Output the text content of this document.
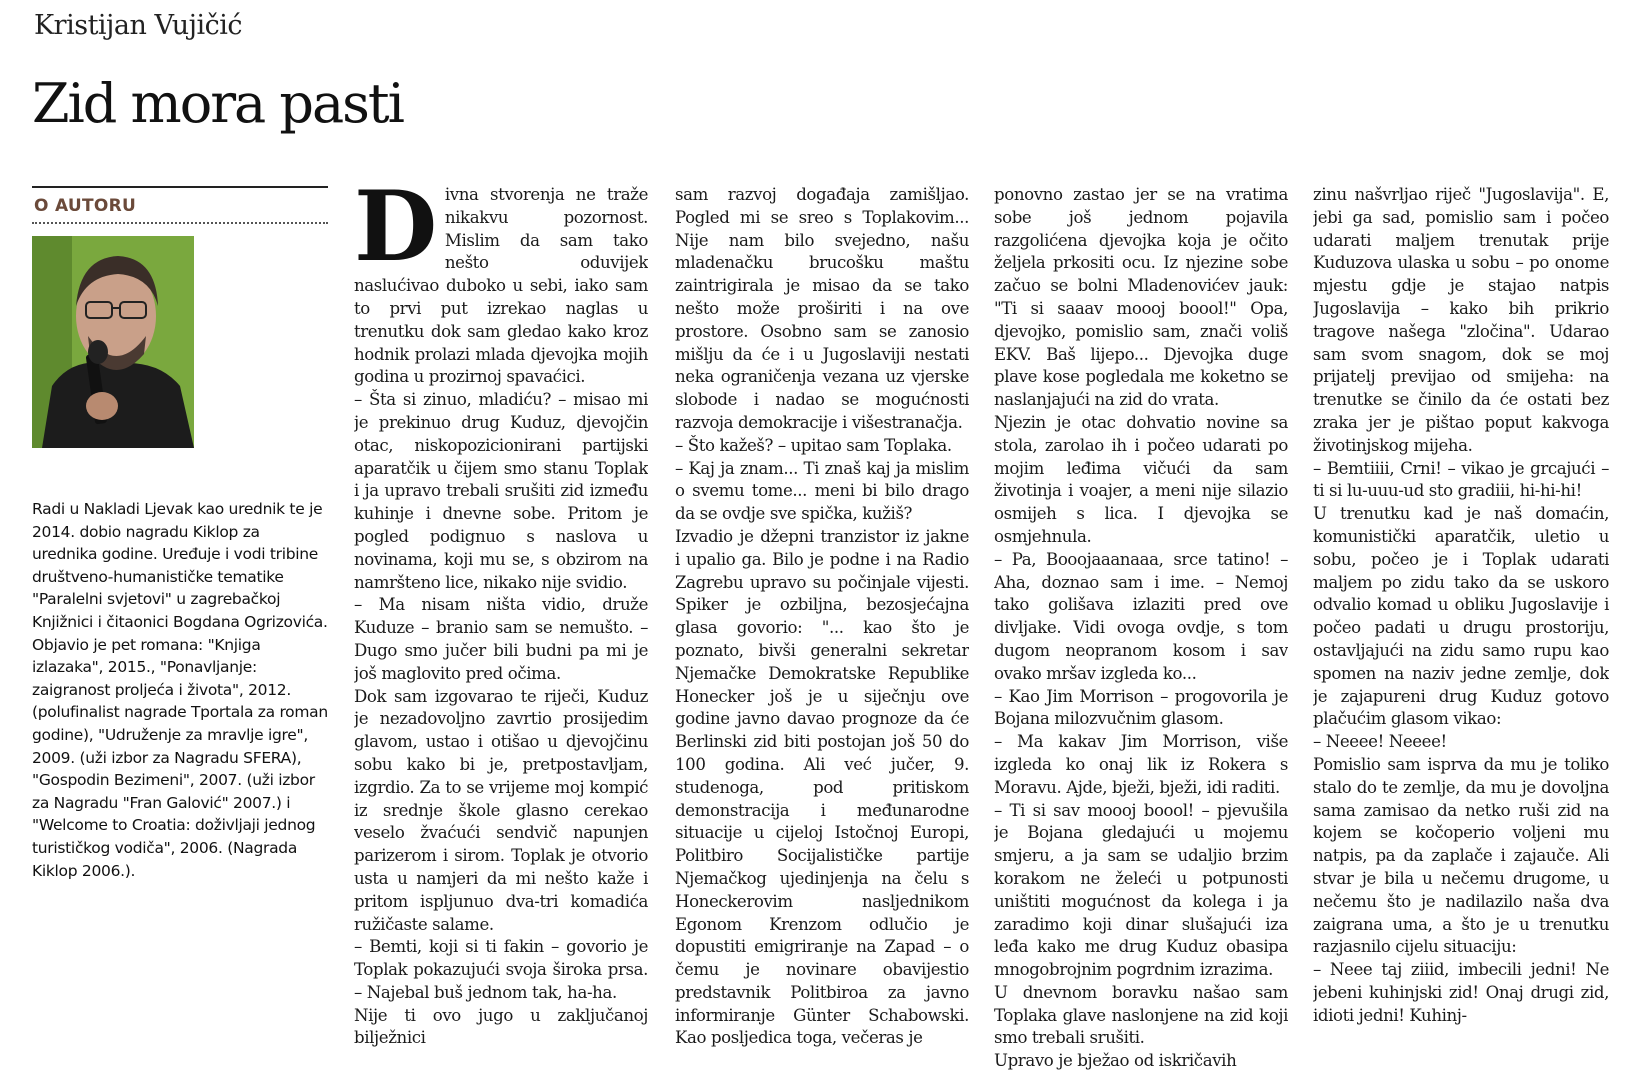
Kristijan Vujičić
Zid mora pasti
O AUTORU
Radi u Nakladi Ljevak kao urednik te je 2014. dobio nagradu Kiklop za urednika godine. Uređuje i vodi tribine društveno-humanističke tematike "Paralelni svjetovi" u zagrebačkoj Knjižnici i čitaonici Bogdana Ogrizovića. Objavio je pet romana: "Knjiga izlazaka", 2015., "Ponavljanje: zaigranost proljeća i života", 2012. (polufinalist nagrade Tportala za roman godine), "Udruženje za mravlje igre", 2009. (uži izbor za Nagradu SFERA), "Gospodin Bezimeni", 2007. (uži izbor za Nagradu "Fran Galović" 2007.) i "Welcome to Croatia: doživljaji jednog turističkog vodiča", 2006. (Nagrada Kiklop 2006.).
D ivna stvorenja ne traže nikakvu pozornost. Mislim da sam tako nešto oduvijek naslućivao duboko u sebi, iako sam to prvi put izrekao naglas u trenutku dok sam gledao kako kroz hodnik prolazi mlada djevojka mojih godina u prozirnoj spavaćici.

– Šta si zinuo, mladiću? – misao mi je prekinuo drug Kuduz, djevojčin otac, niskopozicionirani partijski aparatčik u čijem smo stanu Toplak i ja upravo trebali srušiti zid između kuhinje i dnevne sobe. Pritom je pogled podignuo s naslova u novinama, koji mu se, s obzirom na namršteno lice, nikako nije svidio.

– Ma nisam ništa vidio, druže Kuduze – branio sam se nemušto. – Dugo smo jučer bili budni pa mi je još maglovito pred očima.

Dok sam izgovarao te riječi, Kuduz je nezadovoljno zavrtio prosijedim glavom, ustao i otišao u djevojčinu sobu kako bi je, pretpostavljam, izgrdio. Za to se vrijeme moj kompić iz srednje škole glasno cerekao veselo žvaćući sendvič napunjen parizerom i sirom. Toplak je otvorio usta u namjeri da mi nešto kaže i pritom ispljunuo dva-tri komadića ružičaste salame.

– Bemti, koji si ti fakin – govorio je Toplak pokazujući svoja široka prsa. – Najebal buš jednom tak, ha-ha.

Nije ti ovo jugo u zaključanoj bilježnici

sam razvoj događaja zamišljao. Pogled mi se sreo s Toplakovim... Nije nam bilo svejedno, našu mladenačku brucošku maštu zaintrigirala je misao da se tako nešto može proširiti i na ove prostore. Osobno sam se zanosio mišlju da će i u Jugoslaviji nestati neka ograničenja vezana uz vjerske slobode i nadao se mogućnosti razvoja demokracije i višestranačja.

– Što kažeš? – upitao sam Toplaka.

– Kaj ja znam... Ti znaš kaj ja mislim o svemu tome... meni bi bilo drago da se ovdje sve spička, kužiš?

Izvadio je džepni tranzistor iz jakne i upalio ga. Bilo je podne i na Radio Zagrebu upravo su počinjale vijesti. Spiker je ozbiljna, bezosjećajna glasa govorio: "... kao što je poznato, bivši generalni sekretar Njemačke Demokratske Republike Honecker još je u siječnju ove godine javno davao prognoze da će Berlinski zid biti postojan još 50 do 100 godina. Ali već jučer, 9. studenoga, pod pritiskom demonstracija i međunarodne situacije u cijeloj Istočnoj Europi, Politbiro Socijalističke partije Njemačkog ujedinjenja na čelu s Honeckerovim nasljednikom Egonom Krenzom odlučio je dopustiti emigriranje na Zapad – o čemu je novinare obavijestio predstavnik Politbiroa za javno informiranje Günter Schabowski. Kao posljedica toga, večeras je

ponovno zastao jer se na vratima sobe još jednom pojavila razgolićena djevojka koja je očito željela prkositi ocu. Iz njezine sobe začuo se bolni Mladenovićev jauk: "Ti si saaav moooj boool!" Opa, djevojko, pomislio sam, znači voliš EKV. Baš lijepo... Djevojka duge plave kose pogledala me koketno se naslanjajući na zid do vrata.

Njezin je otac dohvatio novine sa stola, zarolao ih i počeo udarati po mojim leđima vičući da sam životinja i voajer, a meni nije silazio osmijeh s lica. I djevojka se osmjehnula.

– Pa, Booojaaanaaa, srce tatino! – Aha, doznao sam i ime. – Nemoj tako golišava izlaziti pred ove divljake. Vidi ovoga ovdje, s tom dugom neopranom kosom i sav ovako mršav izgleda ko...

– Kao Jim Morrison – progovorila je Bojana milozvučnim glasom.

– Ma kakav Jim Morrison, više izgleda ko onaj lik iz Rokera s Moravu. Ajde, bježi, bježi, idi raditi.

– Ti si sav moooj boool! – pjevušila je Bojana gledajući u mojemu smjeru, a ja sam se udaljio brzim korakom ne želeći u potpunosti uništiti mogućnost da kolega i ja zaradimo koji dinar slušajući iza leđa kako me drug Kuduz obasipa mnogobrojnim pogrdnim izrazima.

U dnevnom boravku našao sam Toplaka glave naslonjene na zid koji smo trebali srušiti.

Upravo je bježao od iskričavih

zinu našvrljao riječ "Jugoslavija". E, jebi ga sad, pomislio sam i počeo udarati maljem trenutak prije Kuduzova ulaska u sobu – po onome mjestu gdje je stajao natpis Jugoslavija – kako bih prikrio tragove našega "zločina". Udarao sam svom snagom, dok se moj prijatelj previjao od smijeha: na trenutke se činilo da će ostati bez zraka jer je pištao poput kakvoga životinjskog mijeha.

– Bemtiiii, Crni! – vikao je grcajući – ti si lu-uuu-ud sto gradiii, hi-hi-hi!

U trenutku kad je naš domaćin, komunistički aparatčik, uletio u sobu, počeo je i Toplak udarati maljem po zidu tako da se uskoro odvalio komad u obliku Jugoslavije i počeo padati u drugu prostoriju, ostavljajući na zidu samo rupu kao spomen na naziv jedne zemlje, dok je zajapureni drug Kuduz gotovo plačućim glasom vikao:

– Neeee! Neeee!

Pomislio sam isprva da mu je toliko stalo do te zemlje, da mu je dovoljna sama zamisao da netko ruši zid na kojem se kočoperio voljeni mu natpis, pa da zaplače i zajauče. Ali stvar je bila u nečemu drugome, u nečemu što je nadilazilo naša dva zaigrana uma, a što je u trenutku razjasnilo cijelu situaciju:

– Neee taj ziiid, imbecili jedni! Ne jebeni kuhinjski zid! Onaj drugi zid, idioti jedni! Kuhinj-
